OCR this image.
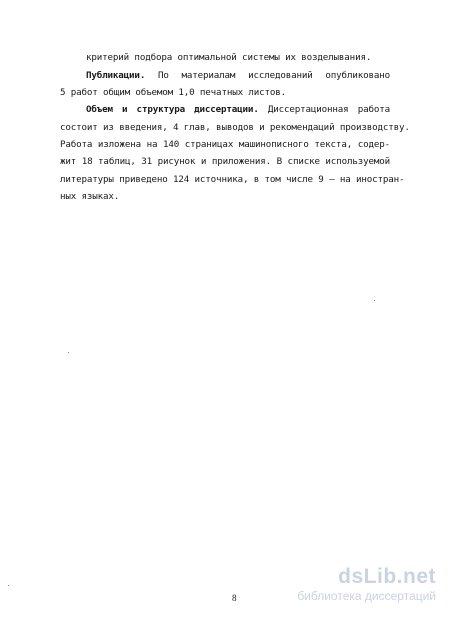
критерий подбора оптимальной системы их возделывания.
Публикации. По материалам исследований опубликовано
5 работ общим объемом 1,0 печатных листов.
Объем и структура диссертации. Диссертационная работа
состоит из введения, 4 глав, выводов и рекомендаций производству.
Работа изложена на 140 страницах машинописного текста, содер-
жит 18 таблиц, 31 рисунок и приложения. В списке используемой
литературы приведено 124 источника, в том числе 9 – на иностран-
ных языках.
8
dsLib.net
библиотека диссертаций
